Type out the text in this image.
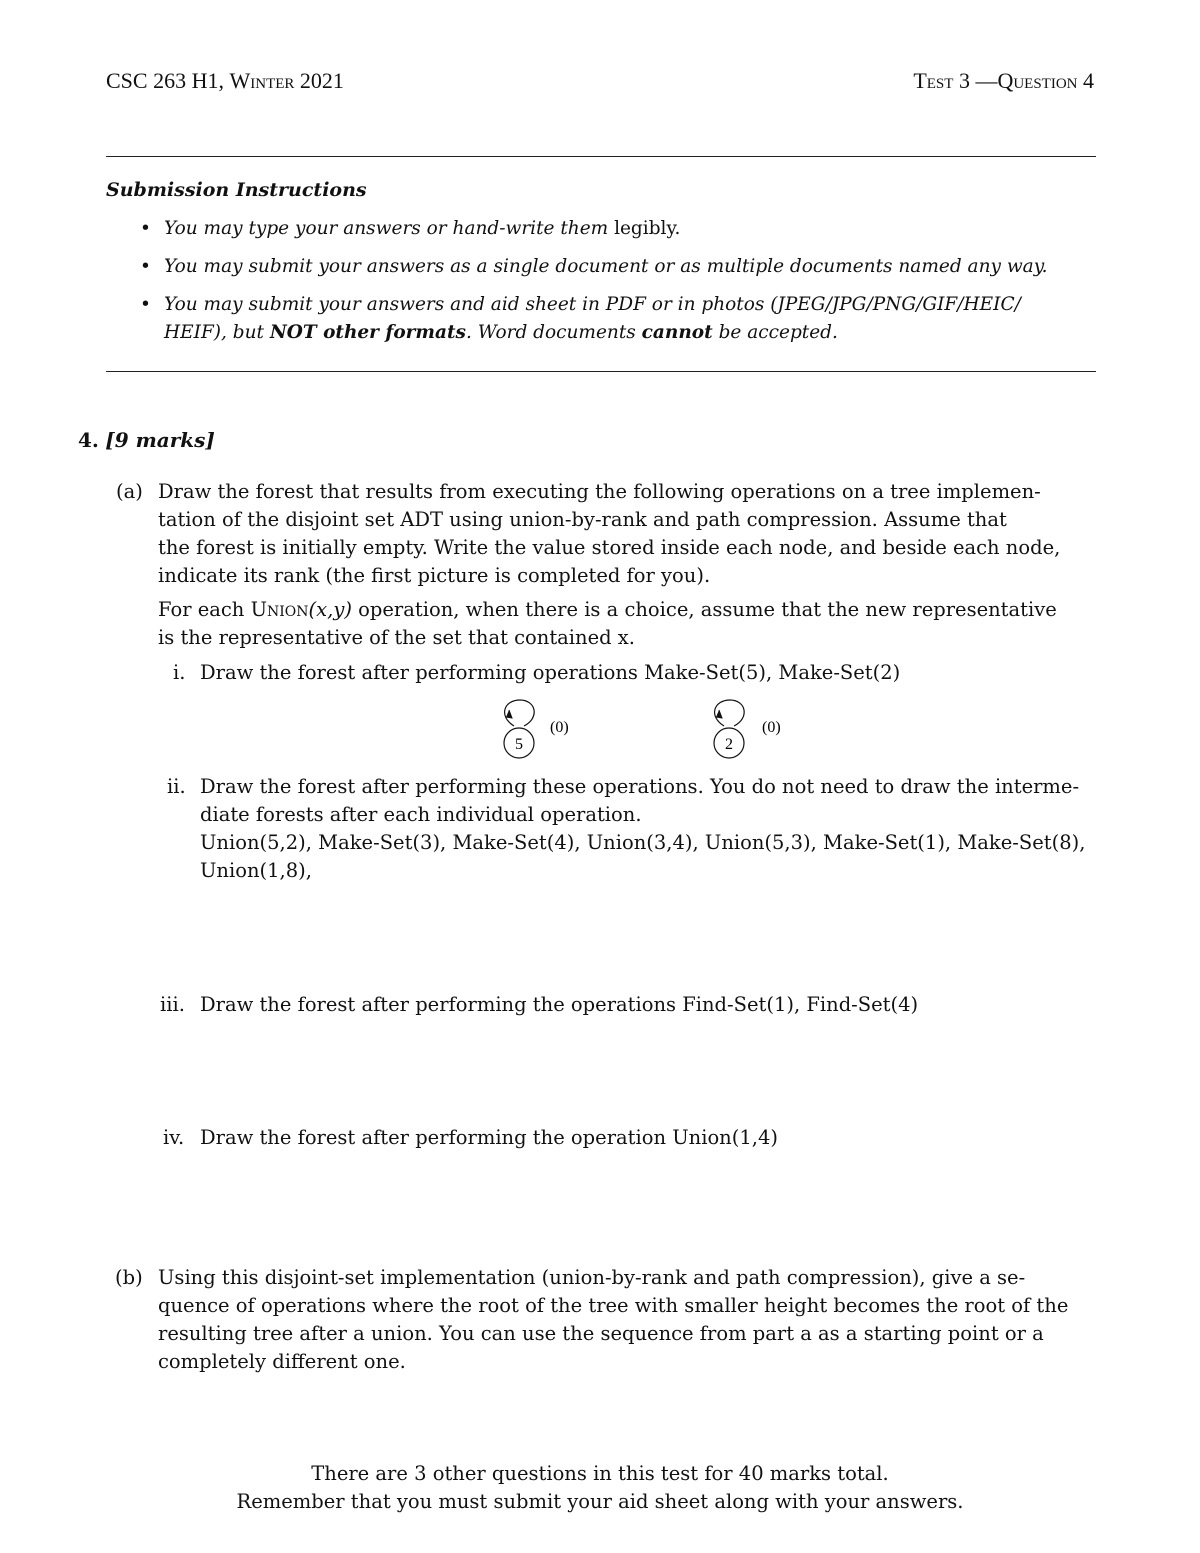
CSC 263 H1, Winter 2021	Test 3 —Question 4
Submission Instructions
• You may type your answers or hand-write them legibly.
• You may submit your answers as a single document or as multiple documents named any way.
• You may submit your answers and aid sheet in PDF or in photos (JPEG/JPG/PNG/GIF/HEIC/
HEIF), but NOT other formats. Word documents cannot be accepted.
4. [9 marks]
(a) Draw the forest that results from executing the following operations on a tree implemen-
tation of the disjoint set ADT using union-by-rank and path compression. Assume that
the forest is initially empty. Write the value stored inside each node, and beside each node,
indicate its rank (the first picture is completed for you).
For each Union(x,y) operation, when there is a choice, assume that the new representative
is the representative of the set that contained x.
i. Draw the forest after performing operations Make-Set(5), Make-Set(2)
5
(0)
2
(0)
ii. Draw the forest after performing these operations. You do not need to draw the interme-
diate forests after each individual operation.
Union(5,2), Make-Set(3), Make-Set(4), Union(3,4), Union(5,3), Make-Set(1), Make-Set(8),
Union(1,8),
iii. Draw the forest after performing the operations Find-Set(1), Find-Set(4)
iv. Draw the forest after performing the operation Union(1,4)
(b) Using this disjoint-set implementation (union-by-rank and path compression), give a se-
quence of operations where the root of the tree with smaller height becomes the root of the
resulting tree after a union. You can use the sequence from part a as a starting point or a
completely different one.
There are 3 other questions in this test for 40 marks total.
Remember that you must submit your aid sheet along with your answers.
